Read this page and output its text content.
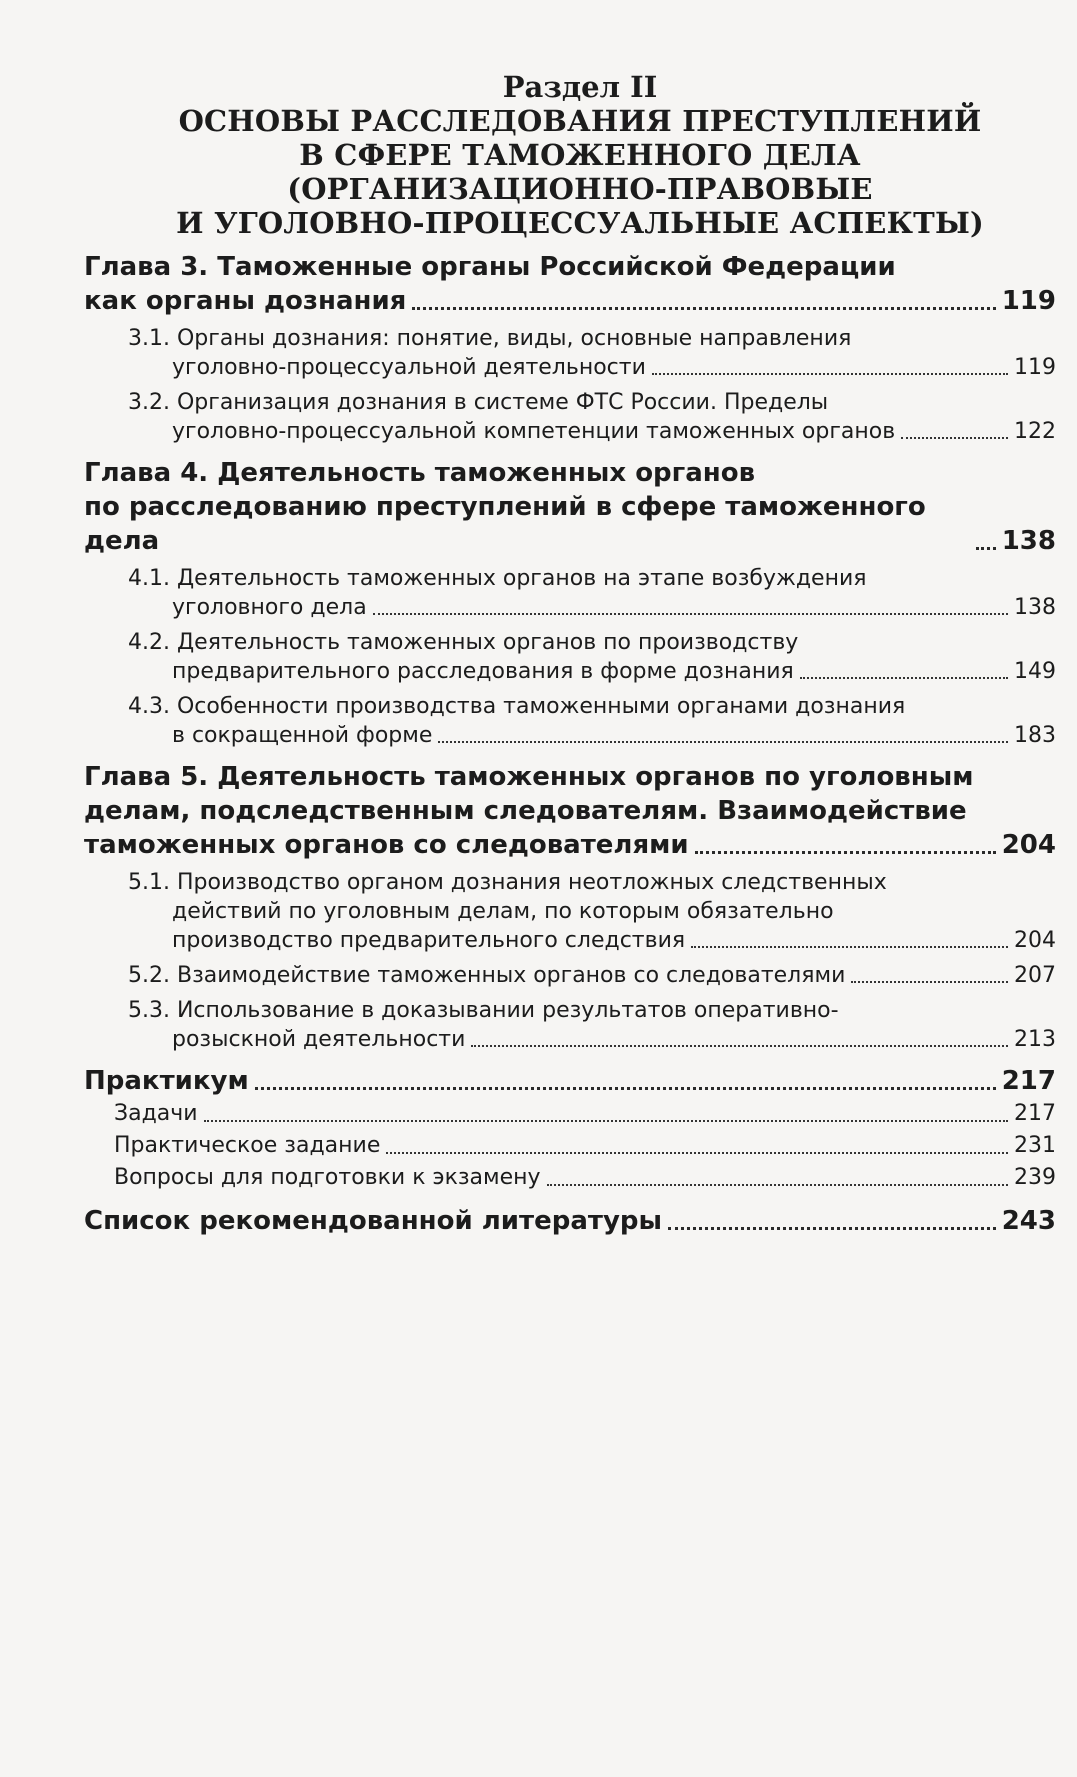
Раздел II
ОСНОВЫ РАССЛЕДОВАНИЯ ПРЕСТУПЛЕНИЙ
В СФЕРЕ ТАМОЖЕННОГО ДЕЛА
(ОРГАНИЗАЦИОННО-ПРАВОВЫЕ
И УГОЛОВНО-ПРОЦЕССУАЛЬНЫЕ АСПЕКТЫ)
Глава 3. Таможенные органы Российской Федерации
как органы дознания	119
3.1. Органы дознания: понятие, виды, основные направления
уголовно-процессуальной деятельности	119
3.2. Организация дознания в системе ФТС России. Пределы
уголовно-процессуальной компетенции таможенных органов	122
Глава 4. Деятельность таможенных органов
по расследованию преступлений в сфере таможенного дела	138
4.1. Деятельность таможенных органов на этапе возбуждения
уголовного дела	138
4.2. Деятельность таможенных органов по производству
предварительного расследования в форме дознания	149
4.3. Особенности производства таможенными органами дознания
в сокращенной форме	183
Глава 5. Деятельность таможенных органов по уголовным
делам, подследственным следователям. Взаимодействие
таможенных органов со следователями	204
5.1. Производство органом дознания неотложных следственных
действий по уголовным делам, по которым обязательно
производство предварительного следствия	204
5.2. Взаимодействие таможенных органов со следователями	207
5.3. Использование в доказывании результатов оперативно-
розыскной деятельности	213
Практикум	217
Задачи	217
Практическое задание	231
Вопросы для подготовки к экзамену	239
Список рекомендованной литературы	243
